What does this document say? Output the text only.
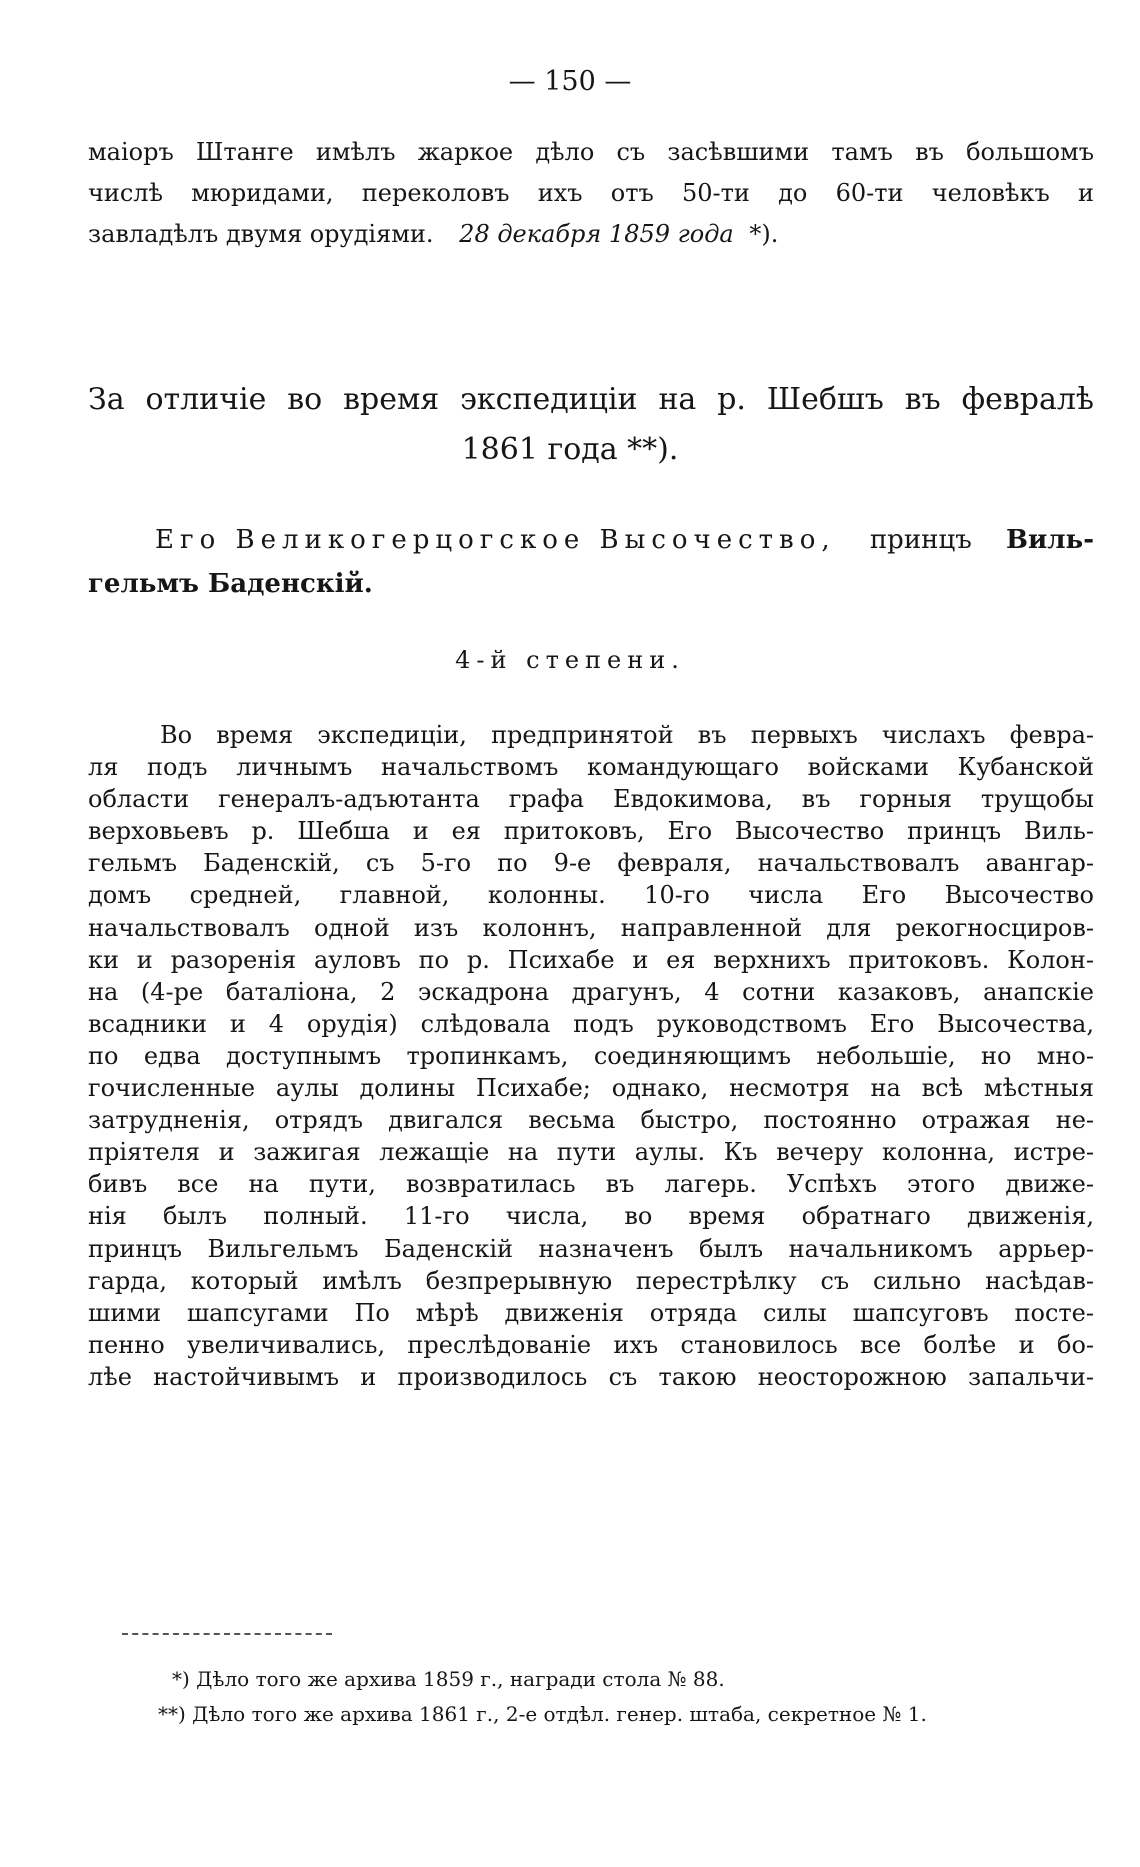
— 150 —
маіоръ Штанге имѣлъ жаркое дѣло съ засѣвшими тамъ въ большомъ
числѣ мюридами, переколовъ ихъ отъ 50-ти до 60-ти человѣкъ и
завладѣлъ двумя орудіями. 28 декабря 1859 года *).
За отличіе во время экспедиціи на р. Шебшъ въ февралѣ
1861 года **).
Его Великогерцогское Высочество, принцъ Виль-
гельмъ Баденскій.
4-й степени.
Во время экспедиціи, предпринятой въ первыхъ числахъ февра-
ля подъ личнымъ начальствомъ командующаго войсками Кубанской
области генералъ-адъютанта графа Евдокимова, въ горныя трущобы
верховьевъ р. Шебша и ея притоковъ, Его Высочество принцъ Виль-
гельмъ Баденскій, съ 5-го по 9-е февраля, начальствовалъ авангар-
домъ средней, главной, колонны. 10-го числа Его Высочество
начальствовалъ одной изъ колоннъ, направленной для рекогносциров-
ки и разоренія ауловъ по р. Психабе и ея верхнихъ притоковъ. Колон-
на (4-ре баталіона, 2 эскадрона драгунъ, 4 сотни казаковъ, анапскіе
всадники и 4 орудія) слѣдовала подъ руководствомъ Его Высочества,
по едва доступнымъ тропинкамъ, соединяющимъ небольшіе, но мно-
гочисленные аулы долины Психабе; однако, несмотря на всѣ мѣстныя
затрудненія, отрядъ двигался весьма быстро, постоянно отражая не-
пріятеля и зажигая лежащіе на пути аулы. Къ вечеру колонна, истре-
бивъ все на пути, возвратилась въ лагерь. Успѣхъ этого движе-
нія былъ полный. 11-го числа, во время обратнаго движенія,
принцъ Вильгельмъ Баденскій назначенъ былъ начальникомъ аррьер-
гарда, который имѣлъ безпрерывную перестрѣлку съ сильно насѣдав-
шими шапсугами По мѣрѣ движенія отряда силы шапсуговъ посте-
пенно увеличивались, преслѣдованіе ихъ становилось все болѣе и бо-
лѣе настойчивымъ и производилось съ такою неосторожною запальчи-
*) Дѣло того же архива 1859 г., награди стола № 88.
**) Дѣло того же архива 1861 г., 2-е отдѣл. генер. штаба, секретное № 1.
